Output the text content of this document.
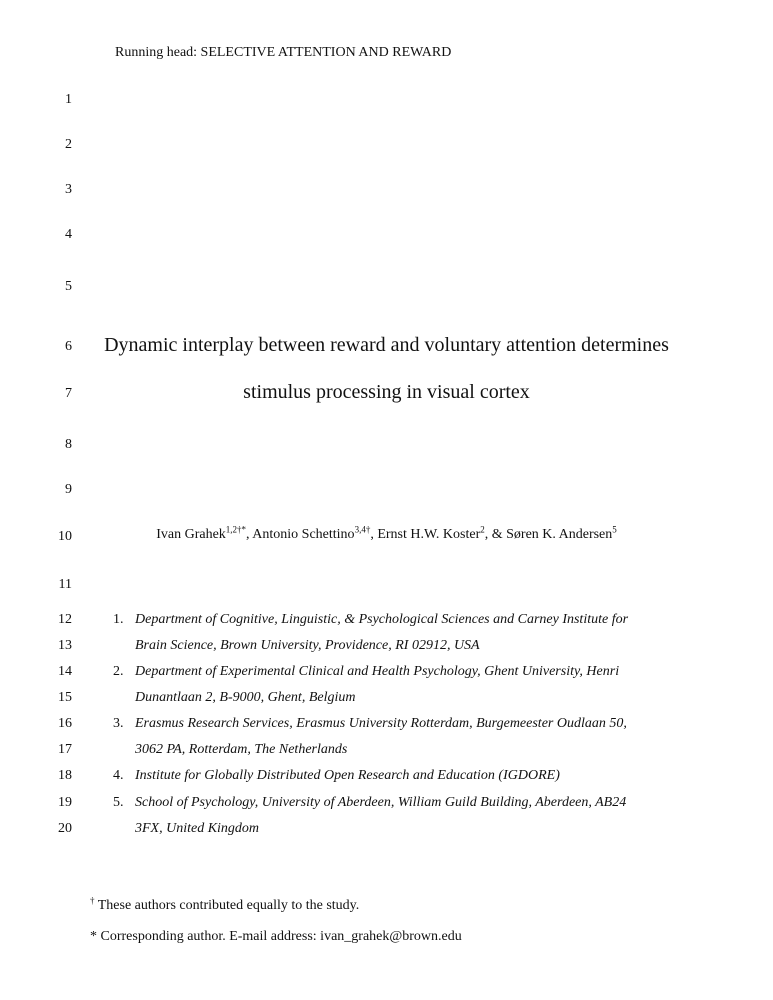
Running head: SELECTIVE ATTENTION AND REWARD
1
2
3
4
5
6
7
8
9
10
11
12
13
14
15
16
17
18
19
20
Dynamic interplay between reward and voluntary attention determines
stimulus processing in visual cortex
Ivan Grahek$^{1,2\dagger*}$, Antonio Schettino$^{3,4\dagger}$, Ernst H.W. Koster$^2$, & Søren K. Andersen$^5$
1. Department of Cognitive, Linguistic, & Psychological Sciences and Carney Institute for
Brain Science, Brown University, Providence, RI 02912, USA
2. Department of Experimental Clinical and Health Psychology, Ghent University, Henri
Dunantlaan 2, B-9000, Ghent, Belgium
3. Erasmus Research Services, Erasmus University Rotterdam, Burgemeester Oudlaan 50,
3062 PA, Rotterdam, The Netherlands
4. Institute for Globally Distributed Open Research and Education (IGDORE)
5. School of Psychology, University of Aberdeen, William Guild Building, Aberdeen, AB24
3FX, United Kingdom
† These authors contributed equally to the study.
* Corresponding author. E-mail address: ivan_grahek@brown.edu
